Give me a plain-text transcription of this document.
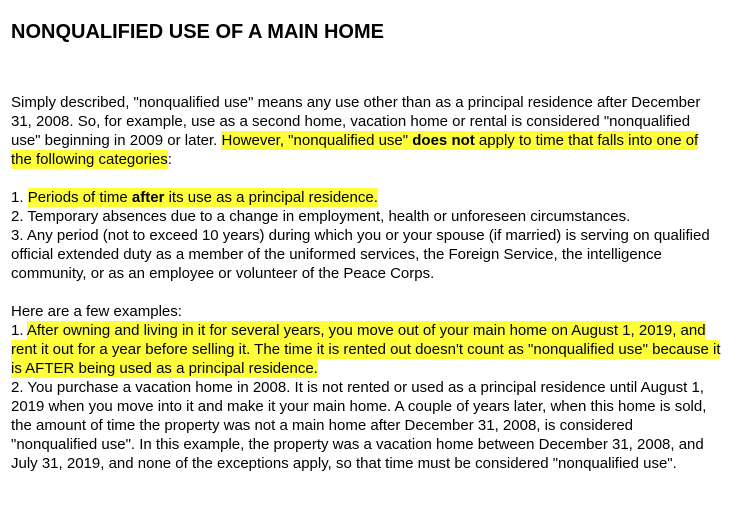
NONQUALIFIED USE OF A MAIN HOME

Simply described, "nonqualified use" means any use other than as a principal residence after December 31, 2008. So, for example, use as a second home, vacation home or rental is considered "nonqualified use" beginning in 2009 or later. However, "nonqualified use" does not apply to time that falls into one of the following categories:

1. Periods of time after its use as a principal residence.

2. Temporary absences due to a change in employment, health or unforeseen circumstances.

3. Any period (not to exceed 10 years) during which you or your spouse (if married) is serving on qualified official extended duty as a member of the uniformed services, the Foreign Service, the intelligence community, or as an employee or volunteer of the Peace Corps.

Here are a few examples:

1. After owning and living in it for several years, you move out of your main home on August 1, 2019, and rent it out for a year before selling it. The time it is rented out doesn't count as "nonqualified use" because it is AFTER being used as a principal residence.

2. You purchase a vacation home in 2008. It is not rented or used as a principal residence until August 1, 2019 when you move into it and make it your main home. A couple of years later, when this home is sold, the amount of time the property was not a main home after December 31, 2008, is considered "nonqualified use". In this example, the property was a vacation home between December 31, 2008, and July 31, 2019, and none of the exceptions apply, so that time must be considered "nonqualified use".
